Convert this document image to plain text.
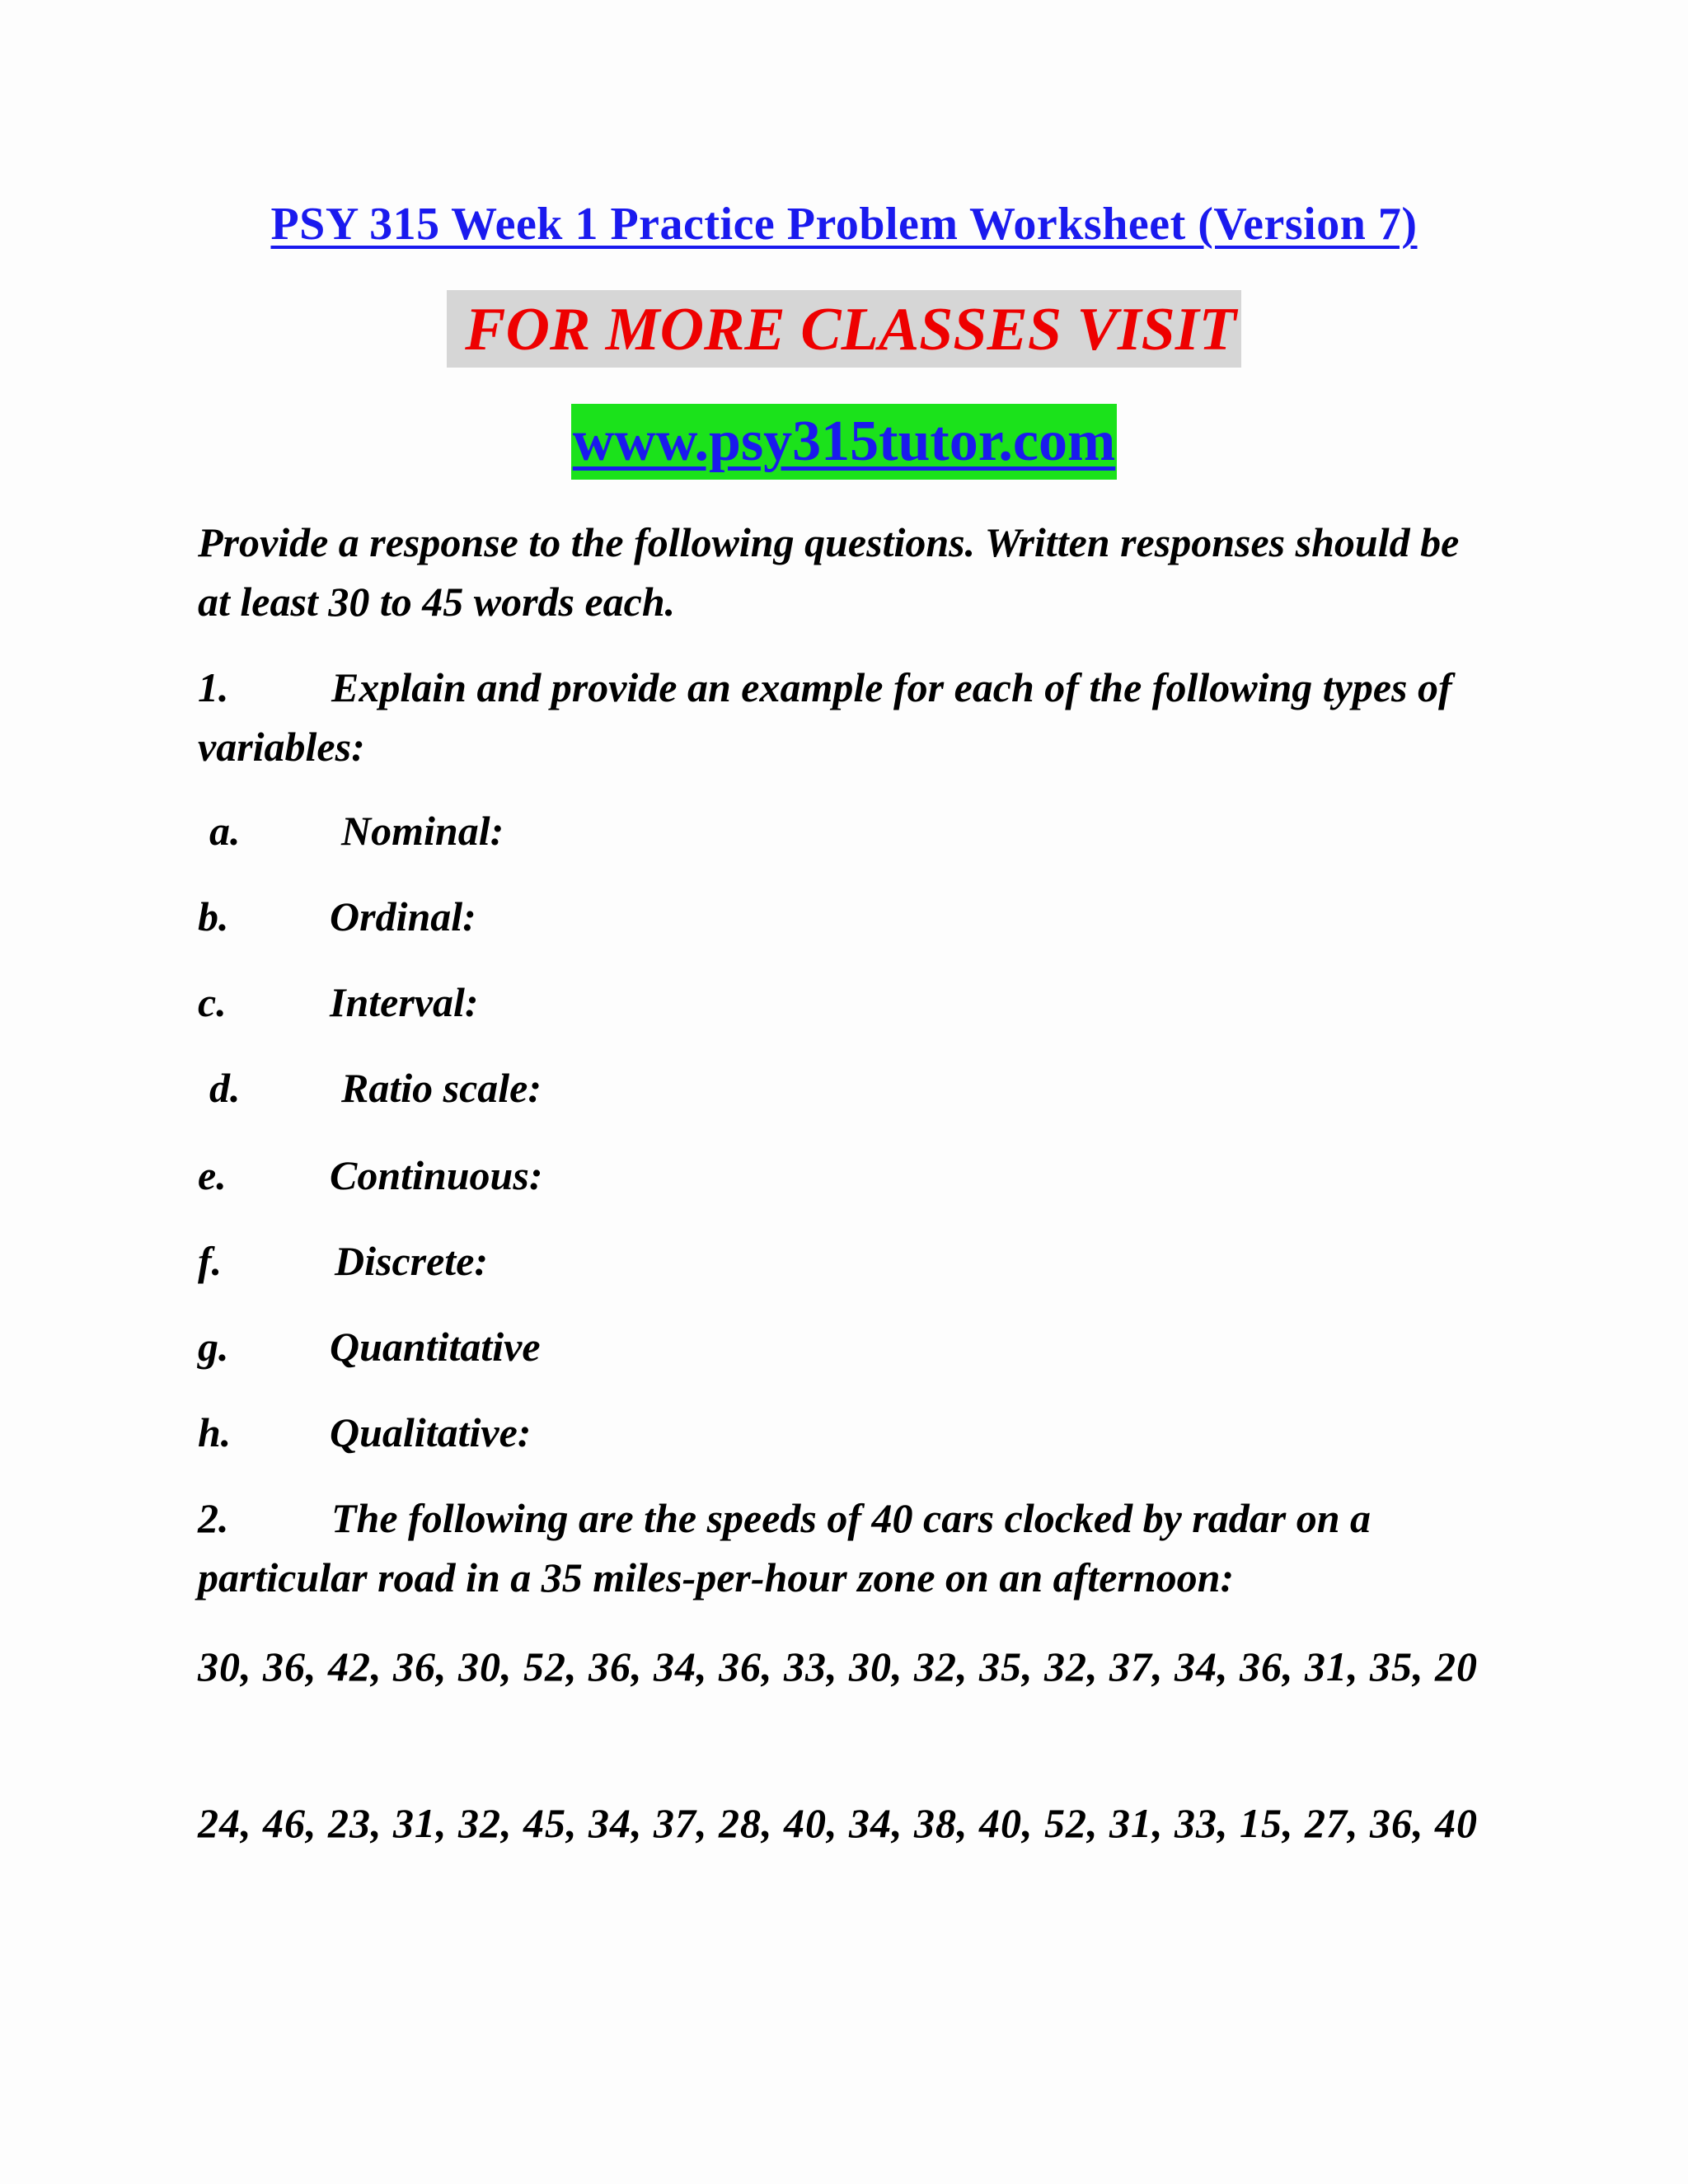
PSY 315 Week 1 Practice Problem Worksheet (Version 7)
FOR MORE CLASSES VISIT
www.psy315tutor.com

Provide a response to the following questions. Written responses should be at least 30 to 45 words each.

1. Explain and provide an example for each of the following types of variables:

a. Nominal:
b. Ordinal:
c.	Interval:
d. Ratio scale:
e.	Continuous:
f.	Discrete:
g. Quantitative
h. Qualitative:

2. The following are the speeds of 40 cars clocked by radar on a particular road in a 35 miles-per-hour zone on an afternoon:

30, 36, 42, 36, 30, 52, 36, 34, 36, 33, 30, 32, 35, 32, 37, 34, 36, 31, 35, 20

24, 46, 23, 31, 32, 45, 34, 37, 28, 40, 34, 38, 40, 52, 31, 33, 15, 27, 36, 40
